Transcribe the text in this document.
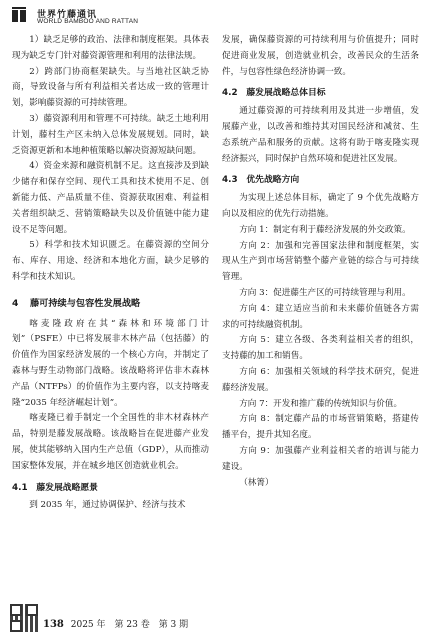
世界竹藤通讯
WORLD BAMBOO AND RATTAN

1）缺乏足够的政治、法律和制度框架。具体表现为缺乏专门针对藤资源管理和利用的法律法规。

2）跨部门协商框架缺失。与当地社区缺乏协商，导致设备与所有利益相关者达成一致的管理计划，影响藤资源的可持续管理。

3）藤资源利用和管理不可持续。缺乏土地利用计划，藤村生产区未纳入总体发展规划。同时，缺乏资源更新和本地种植策略以解决资源短缺问题。

4）资金来源和融资机制不足。这直接涉及到缺少储存和保存空间、现代工具和技术使用不足、创新能力低、产品质量不佳、资源获取困难、利益相关者组织缺乏、营销策略缺失以及价值链中能力建设不足等问题。

5）科学和技术知识匮乏。在藤资源的空间分布、库存、用途、经济和本地化方面，缺少足够的科学和技术知识。

4 藤可持续与包容性发展战略

喀麦隆政府在其“森林和环境部门计划”（PSFE）中已将发展非木林产品（包括藤）的价值作为国家经济发展的一个核心方向，并制定了森林与野生动物部门战略。该战略将评估非木森林产品（NTFPs）的价值作为主要内容，以支持喀麦隆“2035 年经济崛起计划”。

喀麦隆已着手制定一个全国性的非木材森林产品，特别是藤发展战略。该战略旨在促进藤产业发展，使其能够纳入国内生产总值（GDP），从而推动国家整体发展，并在城乡地区创造就业机会。

4.1　藤发展战略愿景

到 2035 年，通过协调保护、经济与技术

发展，确保藤资源的可持续利用与价值提升；同时促进商业发展，创造就业机会，改善民众的生活条件，与包容性绿色经济协调一致。

4.2　藤发展战略总体目标

通过藤资源的可持续利用及其进一步增值，发展藤产业，以改善和维持其对国民经济和减贫、生态系统产品和服务的贡献。这将有助于喀麦隆实现经济振兴，同时保护自然环境和促进社区发展。

4.3　优先战略方向

为实现上述总体目标，确定了 9 个优先战略方向以及相应的优先行动措施。

方向 1：制定有利于藤经济发展的外交政策。

方向 2：加强和完善国家法律和制度框架，实现从生产到市场营销整个藤产业链的综合与可持续管理。

方向 3：促进藤生产区的可持续管理与利用。

方向 4：建立适应当前和未来藤价值链各方需求的可持续融资机制。

方向 5：建立各级、各类利益相关者的组织，支持藤的加工和销售。

方向 6：加强相关领域的科学技术研究，促进藤经济发展。

方向 7：开发和推广藤的传统知识与价值。

方向 8：制定藤产品的市场营销策略，搭建传播平台，提升其知名度。

方向 9：加强藤产业利益相关者的培训与能力建设。

（林箐）

138 2025 年　第 23 卷　第 3 期
